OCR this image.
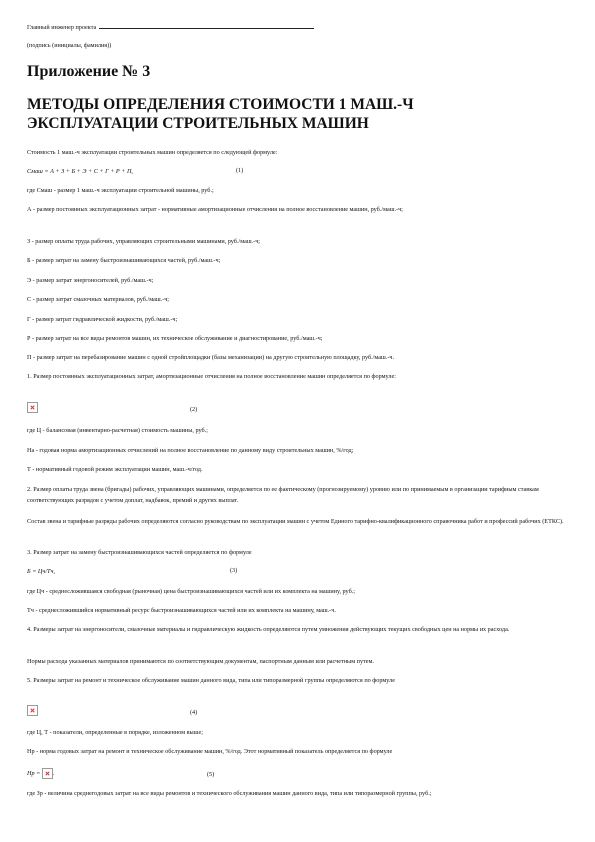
Главный инженер проекта
(подпись (инициалы, фамилия))
Приложение № 3
МЕТОДЫ ОПРЕДЕЛЕНИЯ СТОИМОСТИ 1 МАШ.-Ч
ЭКСПЛУАТАЦИИ СТРОИТЕЛЬНЫХ МАШИН
Стоимость 1 маш.-ч эксплуатации строительных машин определяется по следующей формуле:
Смаш = А + З + Б + Э + С + Г + Р + П,	(1)
где Смаш - размер 1 маш.-ч эксплуатации строительной машины, руб.;
А - размер постоянных эксплуатационных затрат - нормативные амортизационные отчисления на полное восстановление машин, руб./маш.-ч;
З - размер оплаты труда рабочих, управляющих строительными машинами, руб./маш.-ч;
Б - размер затрат на замену быстроизнашивающихся частей, руб./маш.-ч;
Э - размер затрат энергоносителей, руб./маш.-ч;
С - размер затрат смазочных материалов, руб./маш.-ч;
Г - размер затрат гидравлической жидкости, руб./маш.-ч;
Р - размер затрат на все виды ремонтов машин, их техническое обслуживание и диагностирование, руб./маш.-ч;
П - размер затрат на перебазирование машин с одной стройплощадки (базы механизации) на другую строительную площадку, руб./маш.-ч.
1. Размер постоянных эксплуатационных затрат, амортизационные отчисления на полное восстановление машин определяется по формуле:
(2)
где Ц - балансовая (инвентарно-расчетная) стоимость машины, руб.;
На - годовая норма амортизационных отчислений на полное восстановление по данному виду строительных машин, %/год;
Т - нормативный годовой режим эксплуатации машин, маш.-ч/год.
2. Размер оплаты труда звена (бригады) рабочих, управляющих машинами, определяется по ее фактическому (прогнозируемому) уровню или по принимаемым в организации тарифным ставкам соответствующих разрядов с учетом доплат, надбавок, премий и других выплат.
Состав звена и тарифные разряды рабочих определяются согласно руководствам по эксплуатации машин с учетом Единого тарифно-квалификационного справочника работ и профессий рабочих (ЕТКС).
3. Размер затрат на замену быстроизнашивающихся частей определяется по формуле
Б = Цч/Тч,	(3)
где Цч - среднесложившаяся свободная (рыночная) цена быстроизнашивающихся частей или их комплекта на машину, руб.;
Тч - среднесложившийся нормативный ресурс быстроизнашивающихся частей или их комплекта на машину, маш.-ч.
4. Размеры затрат на энергоносители, смазочные материалы и гидравлическую жидкость определяются путем умножения действующих текущих свободных цен на нормы их расхода.
Нормы расхода указанных материалов принимаются по соответствующим документам, паспортным данным или расчетным путем.
5. Размеры затрат на ремонт и техническое обслуживание машин данного вида, типа или типоразмерной группы определяются по формуле
(4)
где Ц, Т - показатели, определенные в порядке, изложенном выше;
Нр - норма годовых затрат на ремонт и техническое обслуживание машин, %/год. Этот нормативный показатель определяется по формуле
Нр = .	(5)
где Зр - величина среднегодовых затрат на все виды ремонтов и технического обслуживания машин данного вида, типа или типоразмерной группы, руб.;
